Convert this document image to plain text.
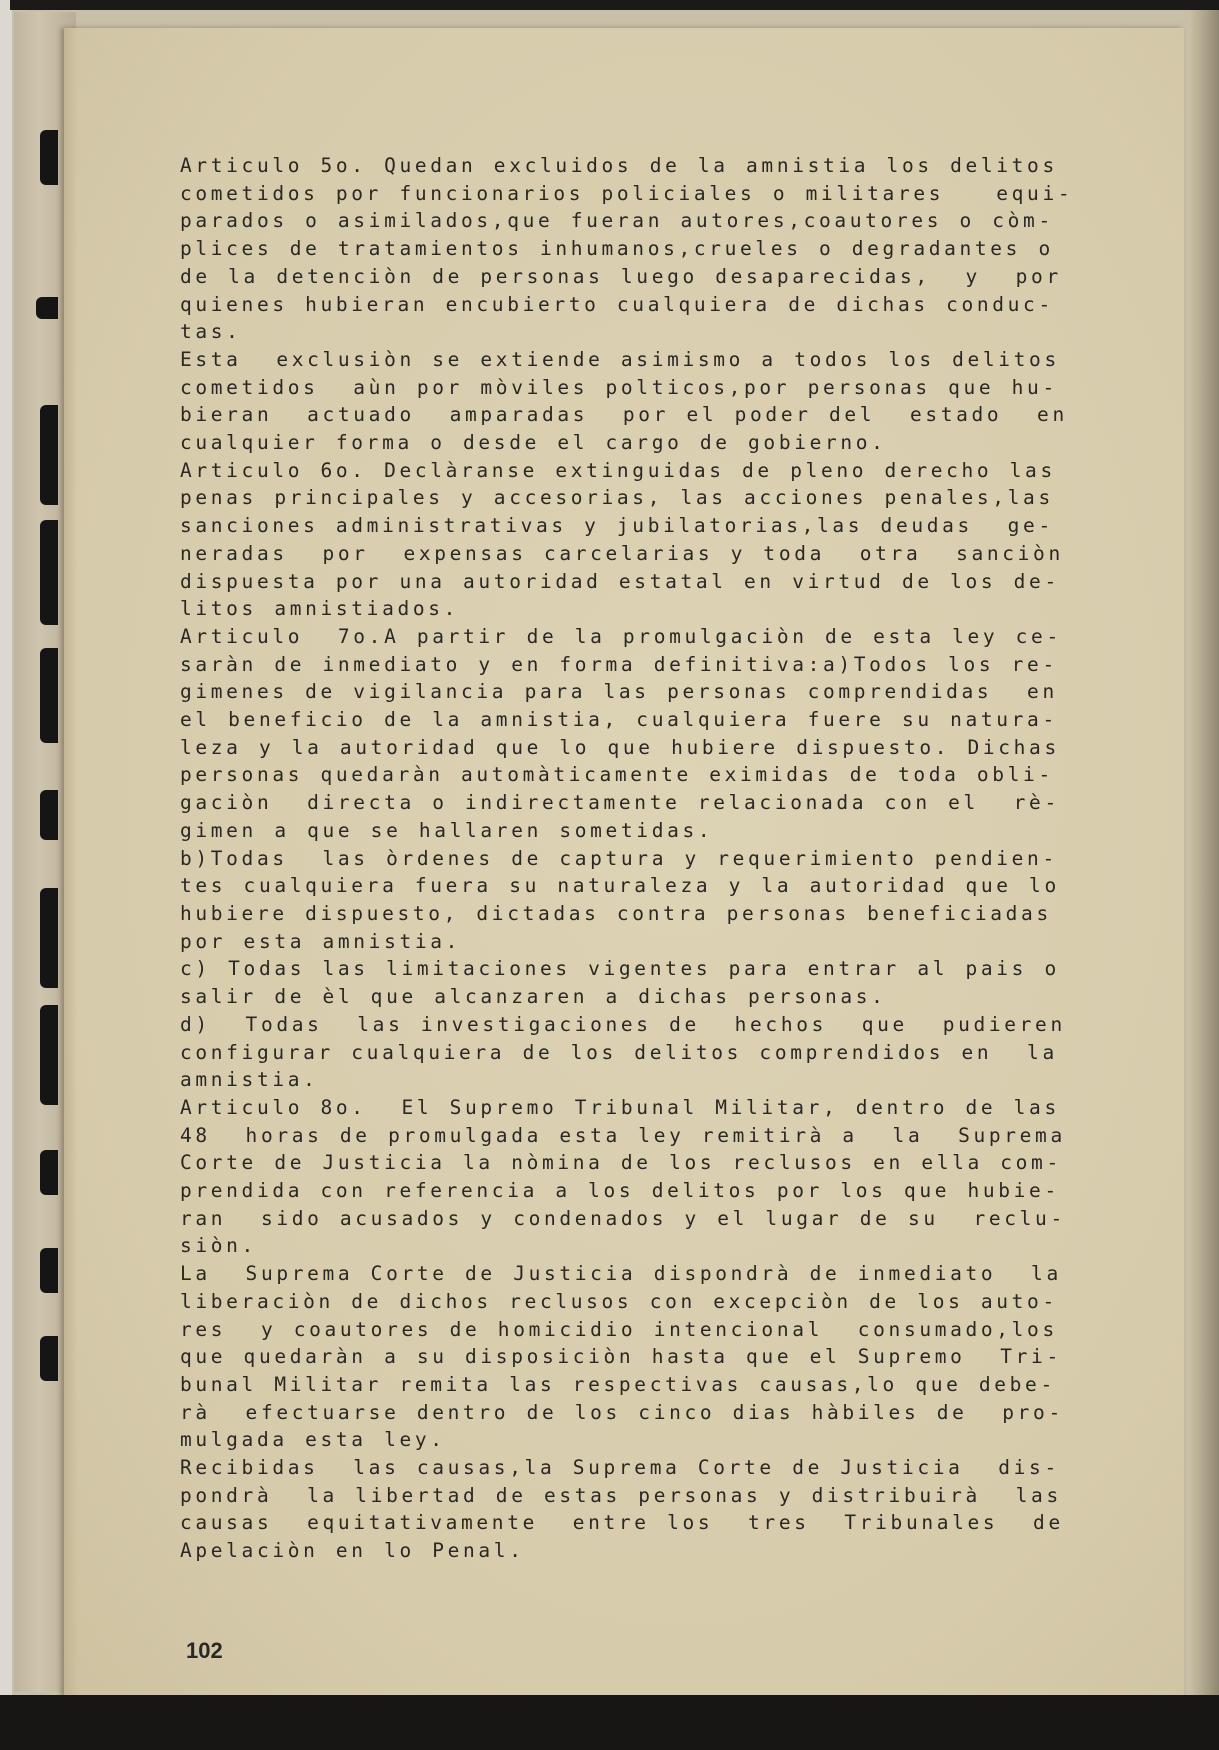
Articulo 5o. Quedan excluidos de la amnistia los delitos
cometidos por funcionarios policiales o militares   equi-
parados o asimilados,que fueran autores,coautores o còm-
plices de tratamientos inhumanos,crueles o degradantes o
de la detenciòn de personas luego desaparecidas,  y  por
quienes hubieran encubierto cualquiera de dichas conduc-
tas.
Esta  exclusiòn se extiende asimismo a todos los delitos
cometidos  aùn por mòviles polticos,por personas que hu-
bieran  actuado  amparadas  por el poder del  estado  en
cualquier forma o desde el cargo de gobierno.
Articulo 6o. Declàranse extinguidas de pleno derecho las
penas principales y accesorias, las acciones penales,las
sanciones administrativas y jubilatorias,las deudas  ge-
neradas  por  expensas carcelarias y toda  otra  sanciòn
dispuesta por una autoridad estatal en virtud de los de-
litos amnistiados.
Articulo  7o.A partir de la promulgaciòn de esta ley ce-
saràn de inmediato y en forma definitiva:a)Todos los re-
gimenes de vigilancia para las personas comprendidas  en
el beneficio de la amnistia, cualquiera fuere su natura-
leza y la autoridad que lo que hubiere dispuesto. Dichas
personas quedaràn automàticamente eximidas de toda obli-
gaciòn  directa o indirectamente relacionada con el  rè-
gimen a que se hallaren sometidas.
b)Todas  las òrdenes de captura y requerimiento pendien-
tes cualquiera fuera su naturaleza y la autoridad que lo
hubiere dispuesto, dictadas contra personas beneficiadas
por esta amnistia.
c) Todas las limitaciones vigentes para entrar al pais o
salir de èl que alcanzaren a dichas personas.
d)  Todas  las investigaciones de  hechos  que  pudieren
configurar cualquiera de los delitos comprendidos en  la
amnistia.
Articulo 8o.  El Supremo Tribunal Militar, dentro de las
48  horas de promulgada esta ley remitirà a  la  Suprema
Corte de Justicia la nòmina de los reclusos en ella com-
prendida con referencia a los delitos por los que hubie-
ran  sido acusados y condenados y el lugar de su  reclu-
siòn.
La  Suprema Corte de Justicia dispondrà de inmediato  la
liberaciòn de dichos reclusos con excepciòn de los auto-
res  y coautores de homicidio intencional  consumado,los
que quedaràn a su disposiciòn hasta que el Supremo  Tri-
bunal Militar remita las respectivas causas,lo que debe-
rà  efectuarse dentro de los cinco dias hàbiles de  pro-
mulgada esta ley.
Recibidas  las causas,la Suprema Corte de Justicia  dis-
pondrà  la libertad de estas personas y distribuirà  las
causas  equitativamente  entre los  tres  Tribunales  de
Apelaciòn en lo Penal.
102
